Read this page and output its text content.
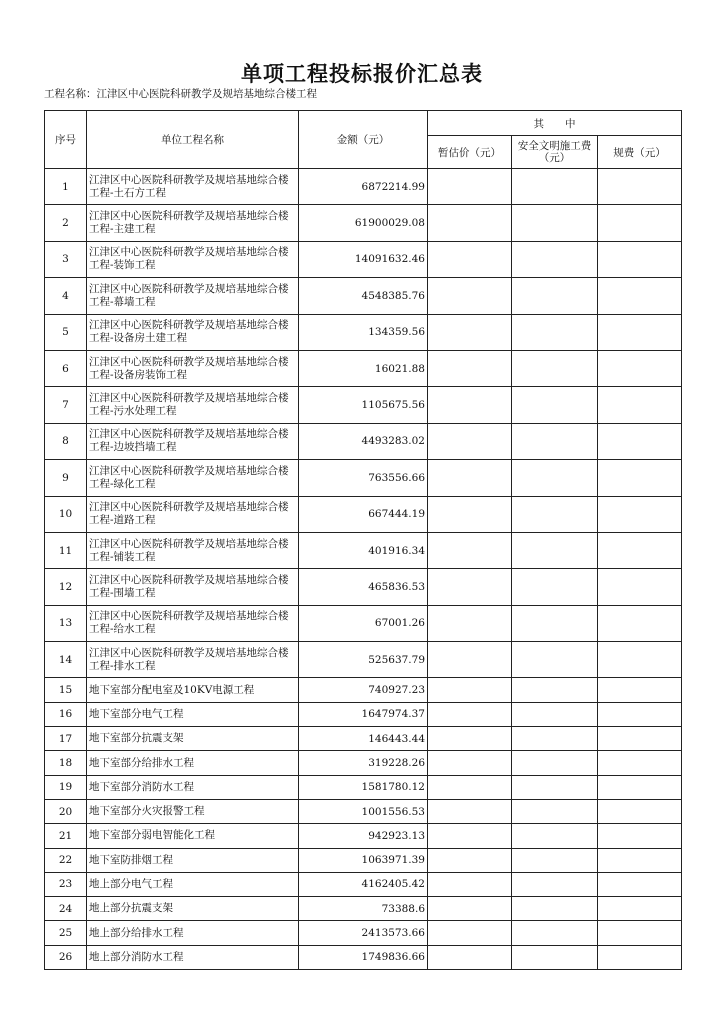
单项工程投标报价汇总表
工程名称：江津区中心医院科研教学及规培基地综合楼工程
序号	单位工程名称	金额（元）	其　　中		
			暂估价（元）	安全文明施工费
（元）	规费（元）
1	江津区中心医院科研教学及规培基地综合楼工程-土石方工程	6872214.99			
2	江津区中心医院科研教学及规培基地综合楼工程-主建工程	61900029.08			
3	江津区中心医院科研教学及规培基地综合楼工程-装饰工程	14091632.46			
4	江津区中心医院科研教学及规培基地综合楼工程-幕墙工程	4548385.76			
5	江津区中心医院科研教学及规培基地综合楼工程-设备房土建工程	134359.56			
6	江津区中心医院科研教学及规培基地综合楼工程-设备房装饰工程	16021.88			
7	江津区中心医院科研教学及规培基地综合楼工程-污水处理工程	1105675.56			
8	江津区中心医院科研教学及规培基地综合楼工程-边坡挡墙工程	4493283.02			
9	江津区中心医院科研教学及规培基地综合楼工程-绿化工程	763556.66			
10	江津区中心医院科研教学及规培基地综合楼工程-道路工程	667444.19			
11	江津区中心医院科研教学及规培基地综合楼工程-铺装工程	401916.34			
12	江津区中心医院科研教学及规培基地综合楼工程-围墙工程	465836.53			
13	江津区中心医院科研教学及规培基地综合楼工程-给水工程	67001.26			
14	江津区中心医院科研教学及规培基地综合楼工程-排水工程	525637.79			
15	地下室部分配电室及10KV电源工程	740927.23			
16	地下室部分电气工程	1647974.37			
17	地下室部分抗震支架	146443.44			
18	地下室部分给排水工程	319228.26			
19	地下室部分消防水工程	1581780.12			
20	地下室部分火灾报警工程	1001556.53			
21	地下室部分弱电智能化工程	942923.13			
22	地下室防排烟工程	1063971.39			
23	地上部分电气工程	4162405.42			
24	地上部分抗震支架	73388.6			
25	地上部分给排水工程	2413573.66			
26	地上部分消防水工程	1749836.66			
